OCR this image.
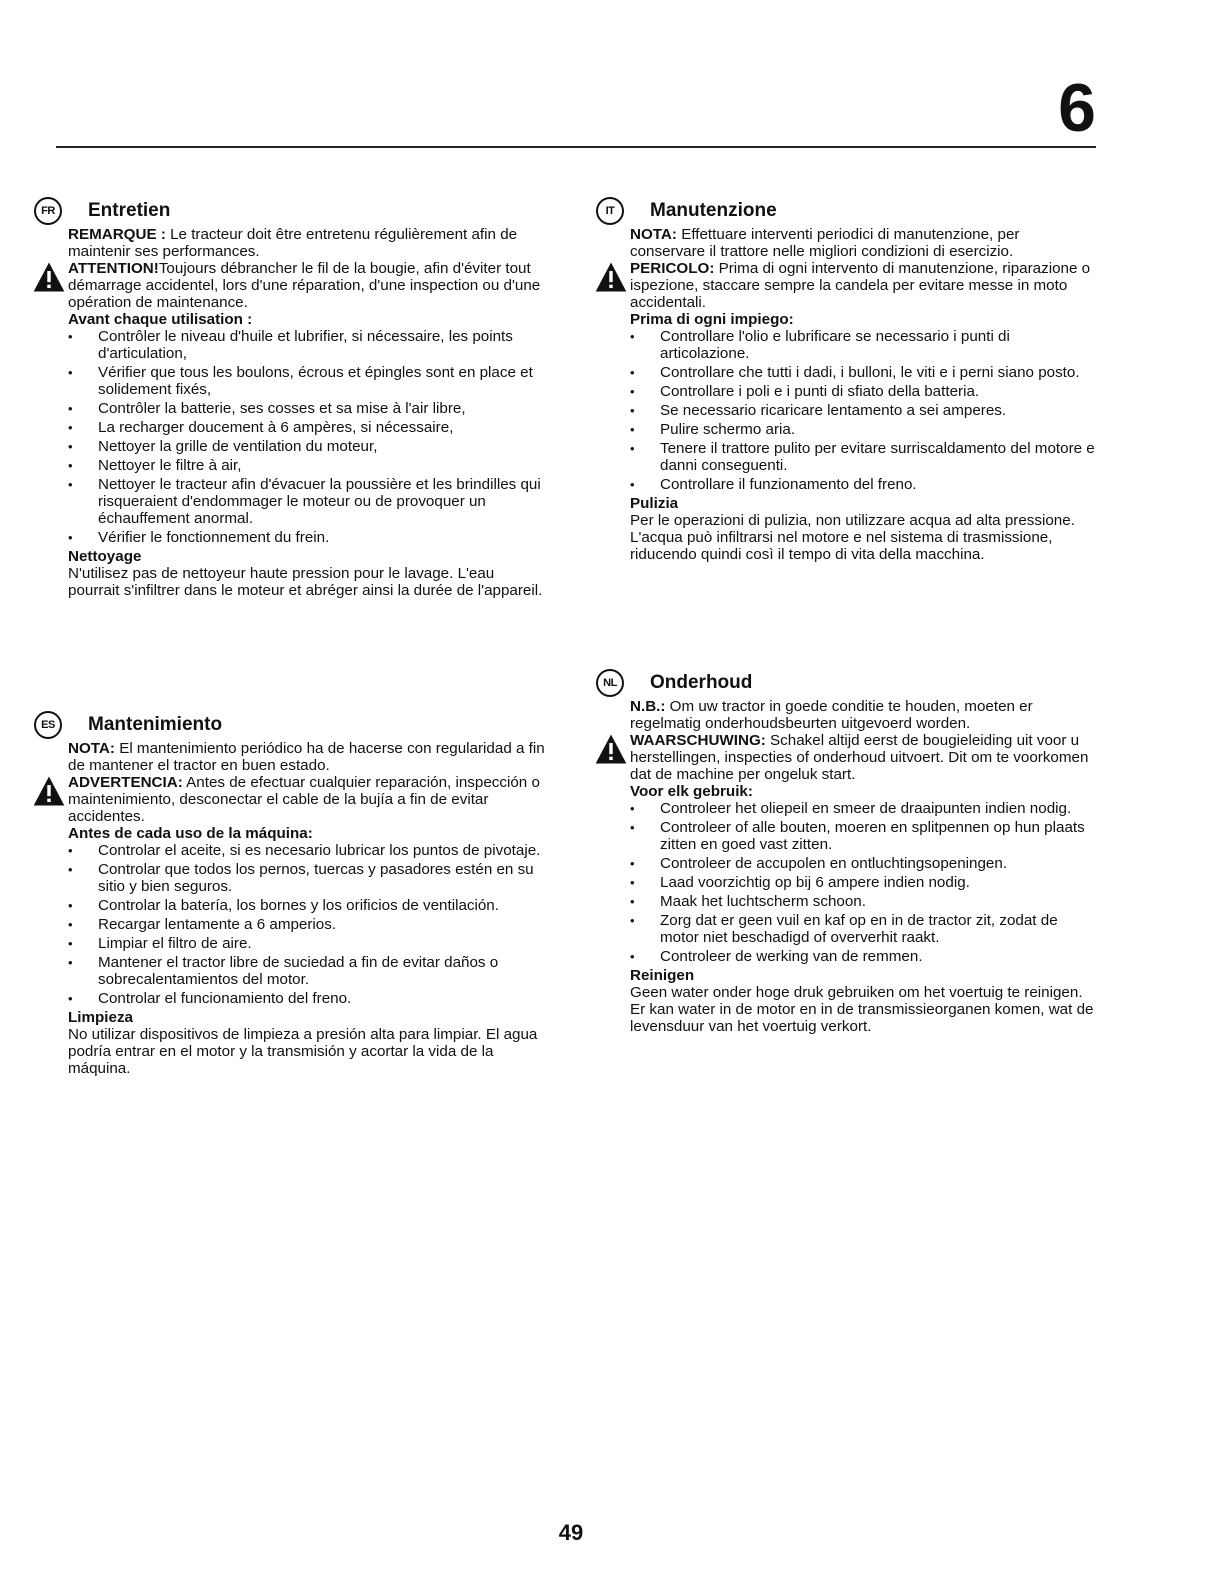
6
FR	Entretien

REMARQUE : Le tracteur doit être entretenu régulièrement afin de maintenir ses performances.

ATTENTION!Toujours débrancher le fil de la bougie, afin d'éviter tout démarrage accidentel, lors d'une réparation, d'une inspection ou d'une opération de maintenance.

Avant chaque utilisation :

• Contrôler le niveau d'huile et lubrifier, si nécessaire, les points d'articulation,
• Vérifier que tous les boulons, écrous et épingles sont en place et solidement fixés,
• Contrôler la batterie, ses cosses et sa mise à l'air libre,
• La recharger doucement à 6 ampères, si nécessaire,
• Nettoyer la grille de ventilation du moteur,
• Nettoyer le filtre à air,
• Nettoyer le tracteur afin d'évacuer la poussière et les brindilles qui risqueraient d'endommager le moteur ou de provoquer un échauffement anormal.
• Vérifier le fonctionnement du frein.

Nettoyage

N'utilisez pas de nettoyeur haute pression pour le lavage. L'eau pourrait s'infiltrer dans le moteur et abréger ainsi la durée de l'appareil.

ES	Mantenimiento

NOTA: El mantenimiento periódico ha de hacerse con regularidad a fin de mantener el tractor en buen estado.

ADVERTENCIA: Antes de efectuar cualquier reparación, inspección o maintenimiento, desconectar el cable de la bujía a fin de evitar accidentes.

Antes de cada uso de la máquina:

• Controlar el aceite, si es necesario lubricar los puntos de pivotaje.
• Controlar que todos los pernos, tuercas y pasadores estén en su sitio y bien seguros.
• Controlar la batería, los bornes y los orificios de ventilación.
• Recargar lentamente a 6 amperios.
• Limpiar el filtro de aire.
• Mantener el tractor libre de suciedad a fin de evitar daños o sobrecalentamientos del motor.
• Controlar el funcionamiento del freno.

Limpieza

No utilizar dispositivos de limpieza a presión alta para limpiar. El agua podría entrar en el motor y la transmisión y acortar la vida de la máquina.

IT	Manutenzione

NOTA: Effettuare interventi periodici di manutenzione, per conservare il trattore nelle migliori condizioni di esercizio.

PERICOLO: Prima di ogni intervento di manutenzione, riparazione o ispezione, staccare sempre la candela per evitare messe in moto accidentali.

Prima di ogni impiego:

• Controllare l'olio e lubrificare se necessario i punti di articolazione.
• Controllare che tutti i dadi, i bulloni, le viti e i perni siano posto.
• Controllare i poli e i punti di sfiato della batteria.
• Se necessario ricaricare lentamento a sei amperes.
• Pulire schermo aria.
• Tenere il trattore pulito per evitare surriscaldamento del motore e danni conseguenti.
• Controllare il funzionamento del freno.

Pulizia

Per le operazioni di pulizia, non utilizzare acqua ad alta pressione. L'acqua può infiltrarsi nel motore e nel sistema di trasmissione, riducendo quindi così il tempo di vita della macchina.

NL	Onderhoud

N.B.: Om uw tractor in goede conditie te houden, moeten er regelmatig onderhoudsbeurten uitgevoerd worden.

WAARSCHUWING: Schakel altijd eerst de bougieleiding uit voor u herstellingen, inspecties of onderhoud uitvoert. Dit om te voorkomen dat de machine per ongeluk start.

Voor elk gebruik:

• Controleer het oliepeil en smeer de draaipunten indien nodig.
• Controleer of alle bouten, moeren en splitpennen op hun plaats zitten en goed vast zitten.
• Controleer de accupolen en ontluchtingsopeningen.
• Laad voorzichtig op bij 6 ampere indien nodig.
• Maak het luchtscherm schoon.
• Zorg dat er geen vuil en kaf op en in de tractor zit, zodat de motor niet beschadigd of oververhit raakt.
• Controleer de werking van de remmen.

Reinigen

Geen water onder hoge druk gebruiken om het voertuig te reinigen. Er kan water in de motor en in de transmissieorganen komen, wat de levensduur van het voertuig verkort.

49
